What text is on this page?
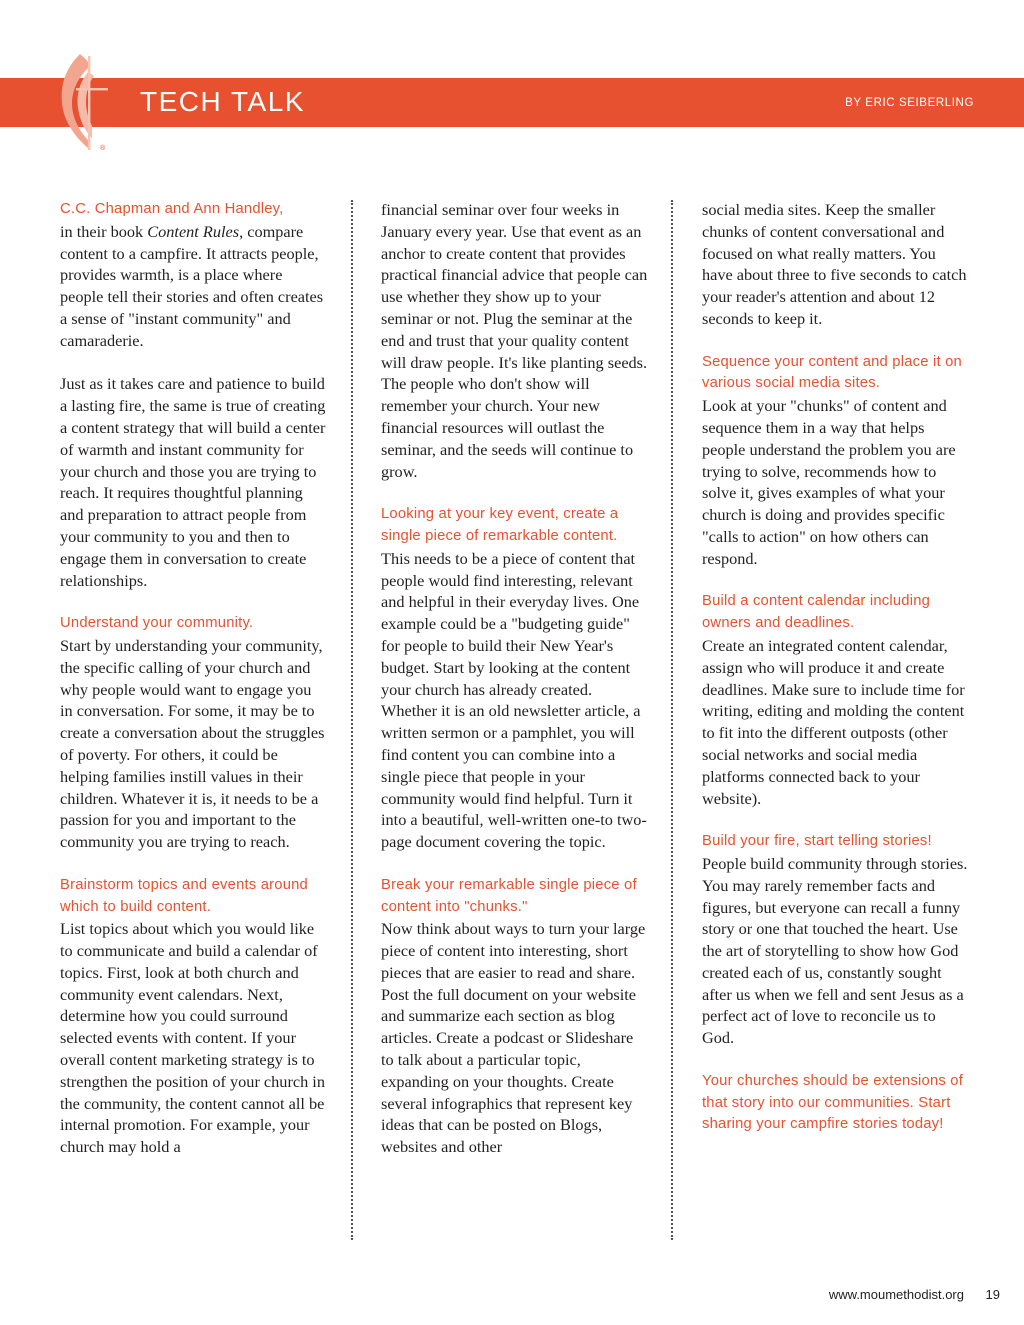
®
TECH TALK	BY ERIC SEIBERLING

C.C. Chapman and Ann Handley,
in their book Content Rules, compare content to a campfire. It attracts people, provides warmth, is a place where people tell their stories and often creates a sense of "instant community" and camaraderie.

Just as it takes care and patience to build a lasting fire, the same is true of creating a content strategy that will build a center of warmth and instant community for your church and those you are trying to reach. It requires thoughtful planning and preparation to attract people from your community to you and then to engage them in conversation to create relationships.

Understand your community.
Start by understanding your community, the specific calling of your church and why people would want to engage you in conversation. For some, it may be to create a conversation about the struggles of poverty. For others, it could be helping families instill values in their children. Whatever it is, it needs to be a passion for you and important to the community you are trying to reach.

Brainstorm topics and events around which to build content.
List topics about which you would like to communicate and build a calendar of topics. First, look at both church and community event calendars. Next, determine how you could surround selected events with content. If your overall content marketing strategy is to strengthen the position of your church in the community, the content cannot all be internal promotion. For example, your church may hold a

financial seminar over four weeks in January every year. Use that event as an anchor to create content that provides practical financial advice that people can use whether they show up to your seminar or not. Plug the seminar at the end and trust that your quality content will draw people. It's like planting seeds. The people who don't show will remember your church. Your new financial resources will outlast the seminar, and the seeds will continue to grow.

Looking at your key event, create a single piece of remarkable content.
This needs to be a piece of content that people would find interesting, relevant and helpful in their everyday lives. One example could be a "budgeting guide" for people to build their New Year's budget. Start by looking at the content your church has already created. Whether it is an old newsletter article, a written sermon or a pamphlet, you will find content you can combine into a single piece that people in your community would find helpful. Turn it into a beautiful, well-written one-to two-page document covering the topic.

Break your remarkable single piece of content into "chunks."
Now think about ways to turn your large piece of content into interesting, short pieces that are easier to read and share. Post the full document on your website and summarize each section as blog articles. Create a podcast or Slideshare to talk about a particular topic, expanding on your thoughts. Create several infographics that represent key ideas that can be posted on Blogs, websites and other

social media sites. Keep the smaller chunks of content conversational and focused on what really matters. You have about three to five seconds to catch your reader's attention and about 12 seconds to keep it.

Sequence your content and place it on various social media sites.
Look at your "chunks" of content and sequence them in a way that helps people understand the problem you are trying to solve, recommends how to solve it, gives examples of what your church is doing and provides specific "calls to action" on how others can respond.

Build a content calendar including owners and deadlines.
Create an integrated content calendar, assign who will produce it and create deadlines. Make sure to include time for writing, editing and molding the content to fit into the different outposts (other social networks and social media platforms connected back to your website).

Build your fire, start telling stories!
People build community through stories. You may rarely remember facts and figures, but everyone can recall a funny story or one that touched the heart. Use the art of storytelling to show how God created each of us, constantly sought after us when we fell and sent Jesus as a perfect act of love to reconcile us to God.

Your churches should be extensions of that story into our communities. Start sharing your campfire stories today!

www.moumethodist.org 19
